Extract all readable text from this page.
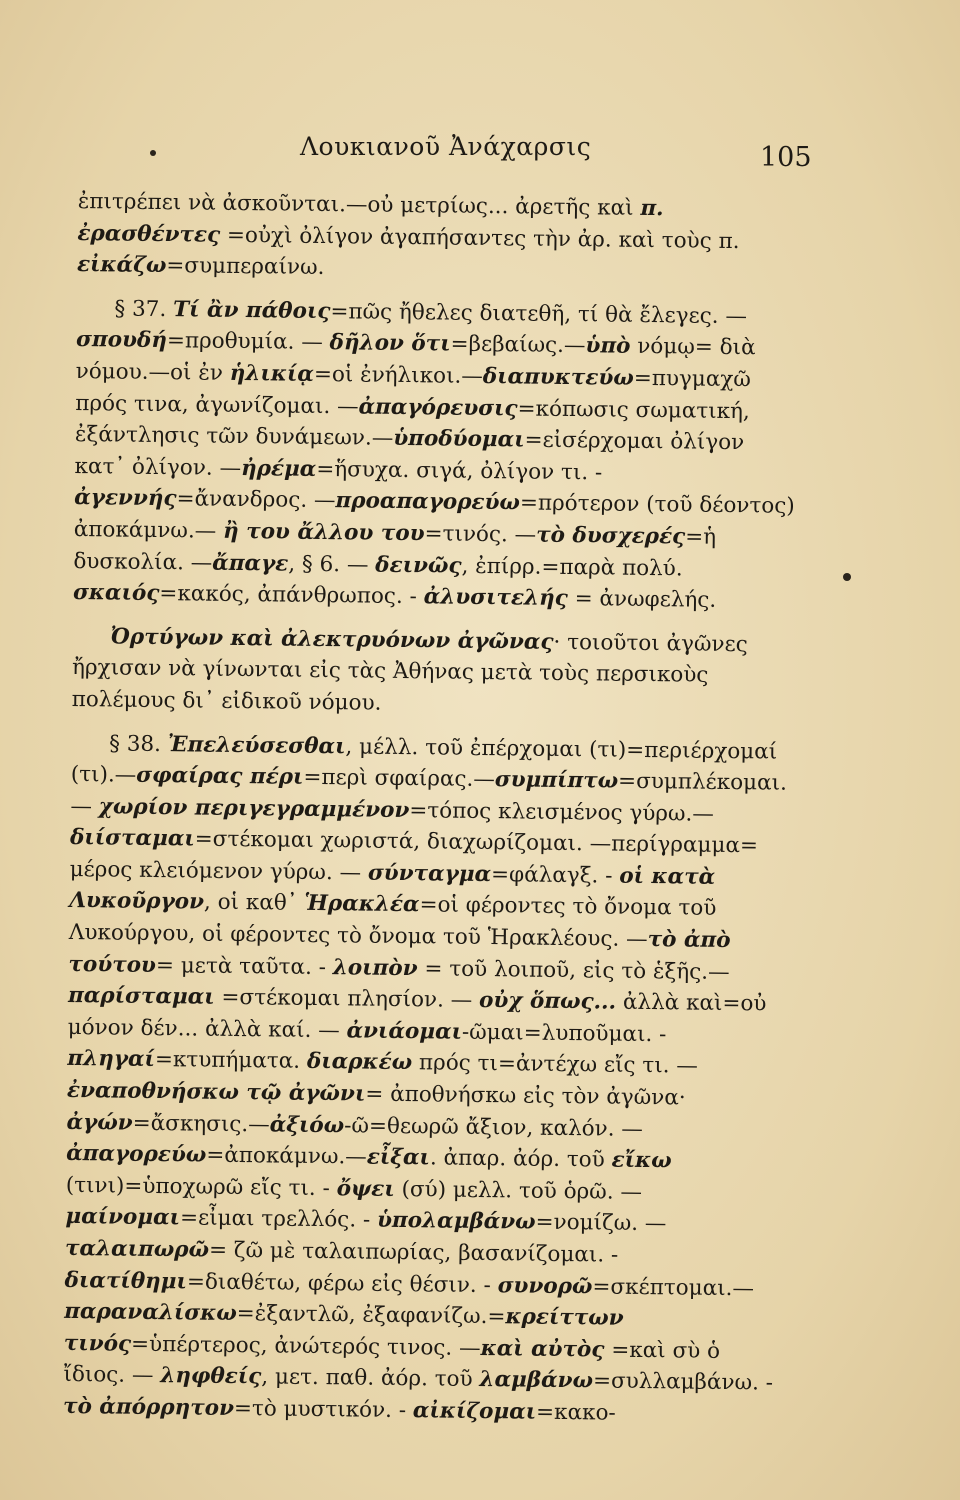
Λουκιανοῦ Ἀνάχαρσις	105

ἐπιτρέπει νὰ ἀσκοῦνται.—οὐ μετρίως... ἀρετῆς καὶ π. ἐρασθέντες =οὐχὶ ὀλίγον ἀγαπήσαντες τὴν ἀρ. καὶ τοὺς π. εἰκάζω=συμπεραίνω.

§ 37. Τί ἂν πάθοις=πῶς ἤθελες διατεθῆ, τί θὰ ἔλεγες. — σπουδή=προθυμία. — δῆλον ὅτι=βεβαίως.—ὑπὸ νόμῳ= διὰ νόμου.—οἱ ἐν ἡλικίᾳ=οἱ ἐνήλικοι.—διαπυκτεύω=πυγμαχῶ πρός τινα, ἀγωνίζομαι. —ἀπαγόρευσις=κόπωσις σωματική, ἐξάντλησις τῶν δυνάμεων.—ὑποδύομαι=εἰσέρχομαι ὀλίγον κατ᾽ ὀλίγον. —ἠρέμα=ἥσυχα. σιγά, ὀλίγον τι. - ἀγεννής=ἄνανδρος. —προαπαγορεύω=πρότερον (τοῦ δέοντος) ἀποκάμνω.— ἢ του ἄλλου του=τινός. —τὸ δυσχερές=ἡ δυσκολία. —ἄπαγε, § 6. — δεινῶς, ἐπίρρ.=παρὰ πολύ. σκαιός=κακός, ἀπάνθρωπος. - ἀλυσιτελής = ἀνωφελής.

Ὀρτύγων καὶ ἀλεκτρυόνων ἀγῶνας· τοιοῦτοι ἀγῶνες ἤρχισαν νὰ γίνωνται εἰς τὰς Ἀθήνας μετὰ τοὺς περσικοὺς πολέμους δι᾽ εἰδικοῦ νόμου.

§ 38. Ἐπελεύσεσθαι, μέλλ. τοῦ ἐπέρχομαι (τι)=περιέρχομαί (τι).—σφαίρας πέρι=περὶ σφαίρας.—συμπίπτω=συμπλέκομαι. — χωρίον περιγεγραμμένον=τόπος κλεισμένος γύρω.— διίσταμαι=στέκομαι χωριστά, διαχωρίζομαι. —περίγραμμα= μέρος κλειόμενον γύρω. — σύνταγμα=φάλαγξ. - οἱ κατὰ Λυκοῦργον, οἱ καθ᾽ Ἡρακλέα=οἱ φέροντες τὸ ὄνομα τοῦ Λυκούργου, οἱ φέροντες τὸ ὄνομα τοῦ Ἡρακλέους. —τὸ ἀπὸ τούτου= μετὰ ταῦτα. - λοιπὸν = τοῦ λοιποῦ, εἰς τὸ ἑξῆς.—παρίσταμαι =στέκομαι πλησίον. — οὐχ ὅπως... ἀλλὰ καὶ=οὐ μόνον δέν... ἀλλὰ καί. — ἀνιάομαι-ῶμαι=λυποῦμαι. - πληγαί=κτυπήματα. διαρκέω πρός τι=ἀντέχω εἴς τι. —ἐναποθνήσκω τῷ ἀγῶνι= ἀποθνήσκω εἰς τὸν ἀγῶνα· ἀγών=ἄσκησις.—ἀξιόω-ῶ=θεωρῶ ἄξιον, καλόν. —ἀπαγορεύω=ἀποκάμνω.—εἶξαι. ἀπαρ. ἀόρ. τοῦ εἴκω (τινι)=ὑποχωρῶ εἴς τι. - ὄψει (σύ) μελλ. τοῦ ὁρῶ. — μαίνομαι=εἶμαι τρελλός. - ὑπολαμβάνω=νομίζω. — ταλαιπωρῶ= ζῶ μὲ ταλαιπωρίας, βασανίζομαι. - διατίθημι=διαθέτω, φέρω εἰς θέσιν. - συνορῶ=σκέπτομαι.—παραναλίσκω=ἐξαντλῶ, ἐξαφανίζω.=κρείττων τινός=ὑπέρτερος, ἀνώτερός τινος. —καὶ αὐτὸς =καὶ σὺ ὁ ἴδιος. — ληφθείς, μετ. παθ. ἀόρ. τοῦ λαμβάνω=συλλαμβάνω. - τὸ ἀπόρρητον=τὸ μυστικόν. - αἰκίζομαι=κακο-
